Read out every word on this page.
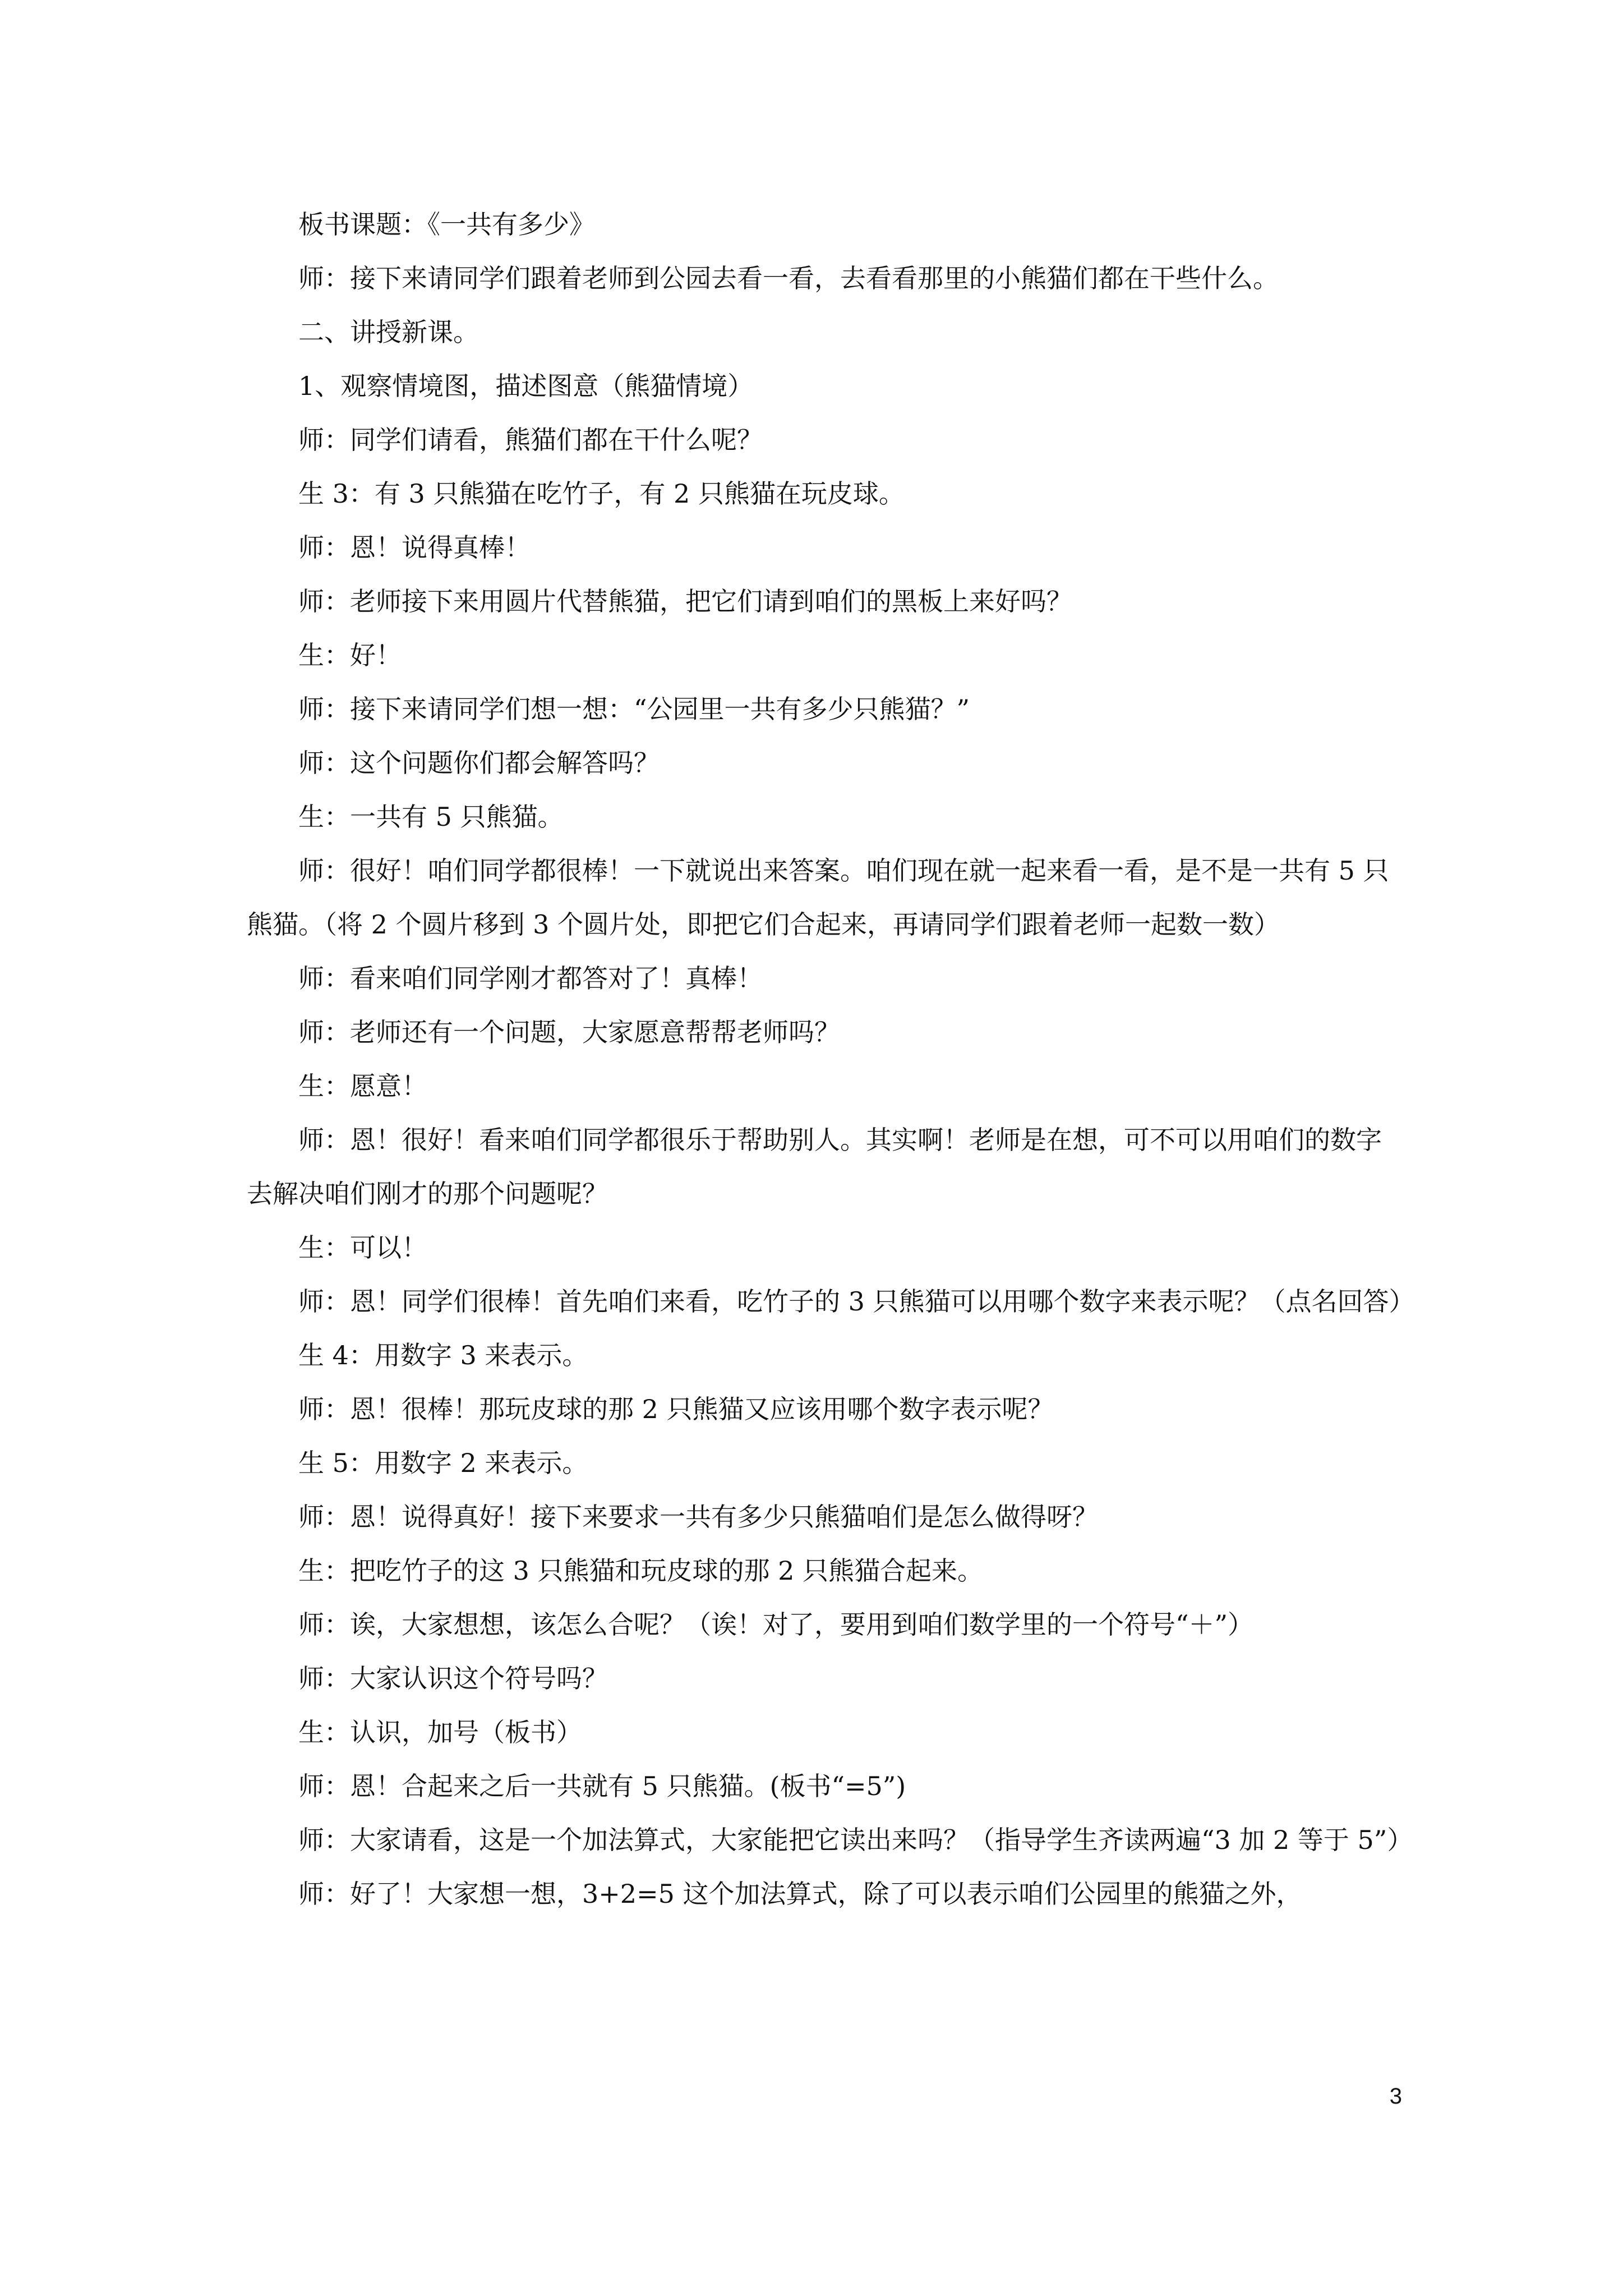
板书课题：《一共有多少》

师：接下来请同学们跟着老师到公园去看一看，去看看那里的小熊猫们都在干些什么。

二、讲授新课。

1、观察情境图，描述图意（熊猫情境）

师：同学们请看，熊猫们都在干什么呢？

生 3：有 3 只熊猫在吃竹子，有 2 只熊猫在玩皮球。

师：恩！说得真棒！

师：老师接下来用圆片代替熊猫，把它们请到咱们的黑板上来好吗？

生：好！

师：接下来请同学们想一想：“公园里一共有多少只熊猫？”

师：这个问题你们都会解答吗？

生：一共有 5 只熊猫。

师：很好！咱们同学都很棒！一下就说出来答案。咱们现在就一起来看一看，是不是一共有 5 只熊猫。（将 2 个圆片移到 3 个圆片处，即把它们合起来，再请同学们跟着老师一起数一数）

师：看来咱们同学刚才都答对了！真棒！

师：老师还有一个问题，大家愿意帮帮老师吗？

生：愿意！

师：恩！很好！看来咱们同学都很乐于帮助别人。其实啊！老师是在想，可不可以用咱们的数字去解决咱们刚才的那个问题呢？

生：可以！

师：恩！同学们很棒！首先咱们来看，吃竹子的 3 只熊猫可以用哪个数字来表示呢？（点名回答）

生 4：用数字 3 来表示。

师：恩！很棒！那玩皮球的那 2 只熊猫又应该用哪个数字表示呢？

生 5：用数字 2 来表示。

师：恩！说得真好！接下来要求一共有多少只熊猫咱们是怎么做得呀？

生：把吃竹子的这 3 只熊猫和玩皮球的那 2 只熊猫合起来。

师：诶，大家想想，该怎么合呢？（诶！对了，要用到咱们数学里的一个符号“＋”）

师：大家认识这个符号吗？

生：认识，加号（板书）

师：恩！合起来之后一共就有 5 只熊猫。(板书“=5”)

师：大家请看，这是一个加法算式，大家能把它读出来吗？（指导学生齐读两遍“3 加 2 等于 5”）

师：好了！大家想一想，3+2=5 这个加法算式，除了可以表示咱们公园里的熊猫之外，

3
